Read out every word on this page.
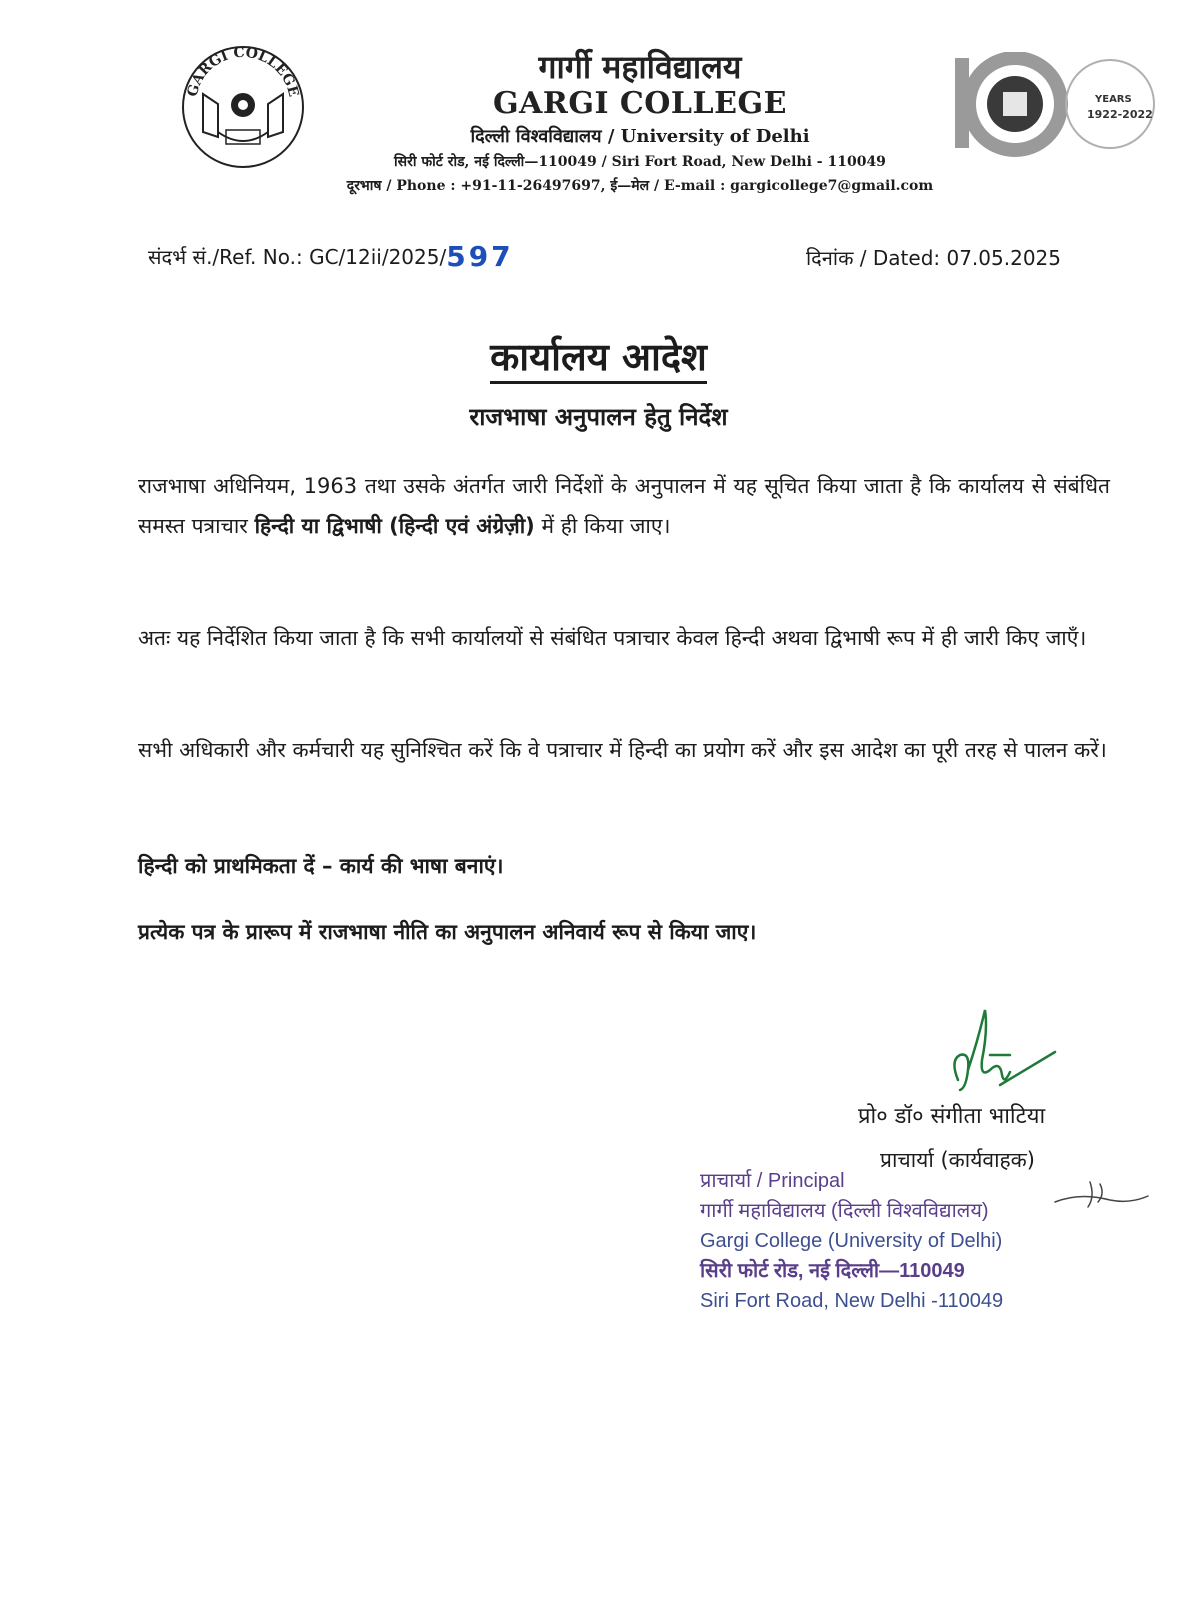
GARGI COLLEGE
गार्गी महाविद्यालय
GARGI COLLEGE
दिल्ली विश्वविद्यालय / University of Delhi
सिरी फोर्ट रोड, नई दिल्ली—110049 / Siri Fort Road, New Delhi - 110049
दूरभाष / Phone : +91-11-26497697, ई—मेल / E-mail : gargicollege7@gmail.com
YEARS
1922-2022
संदर्भ सं./Ref. No.: GC/12ii/2025/597	दिनांक / Dated: 07.05.2025
कार्यालय आदेश
राजभाषा अनुपालन हेतु निर्देश
राजभाषा अधिनियम, 1963 तथा उसके अंतर्गत जारी निर्देशों के अनुपालन में यह सूचित किया जाता है कि कार्यालय से संबंधित समस्त पत्राचार हिन्दी या द्विभाषी (हिन्दी एवं अंग्रेज़ी) में ही किया जाए।
अतः यह निर्देशित किया जाता है कि सभी कार्यालयों से संबंधित पत्राचार केवल हिन्दी अथवा द्विभाषी रूप में ही जारी किए जाएँ।
सभी अधिकारी और कर्मचारी यह सुनिश्चित करें कि वे पत्राचार में हिन्दी का प्रयोग करें और इस आदेश का पूरी तरह से पालन करें।
हिन्दी को प्राथमिकता दें – कार्य की भाषा बनाएं।
प्रत्येक पत्र के प्रारूप में राजभाषा नीति का अनुपालन अनिवार्य रूप से किया जाए।
प्रो० डॉ० संगीता भाटिया
प्राचार्या (कार्यवाहक)
प्राचार्या / Principal
गार्गी महाविद्यालय (दिल्ली विश्वविद्यालय)
Gargi College (University of Delhi)
सिरी फोर्ट रोड, नई दिल्ली—110049
Siri Fort Road, New Delhi -110049
